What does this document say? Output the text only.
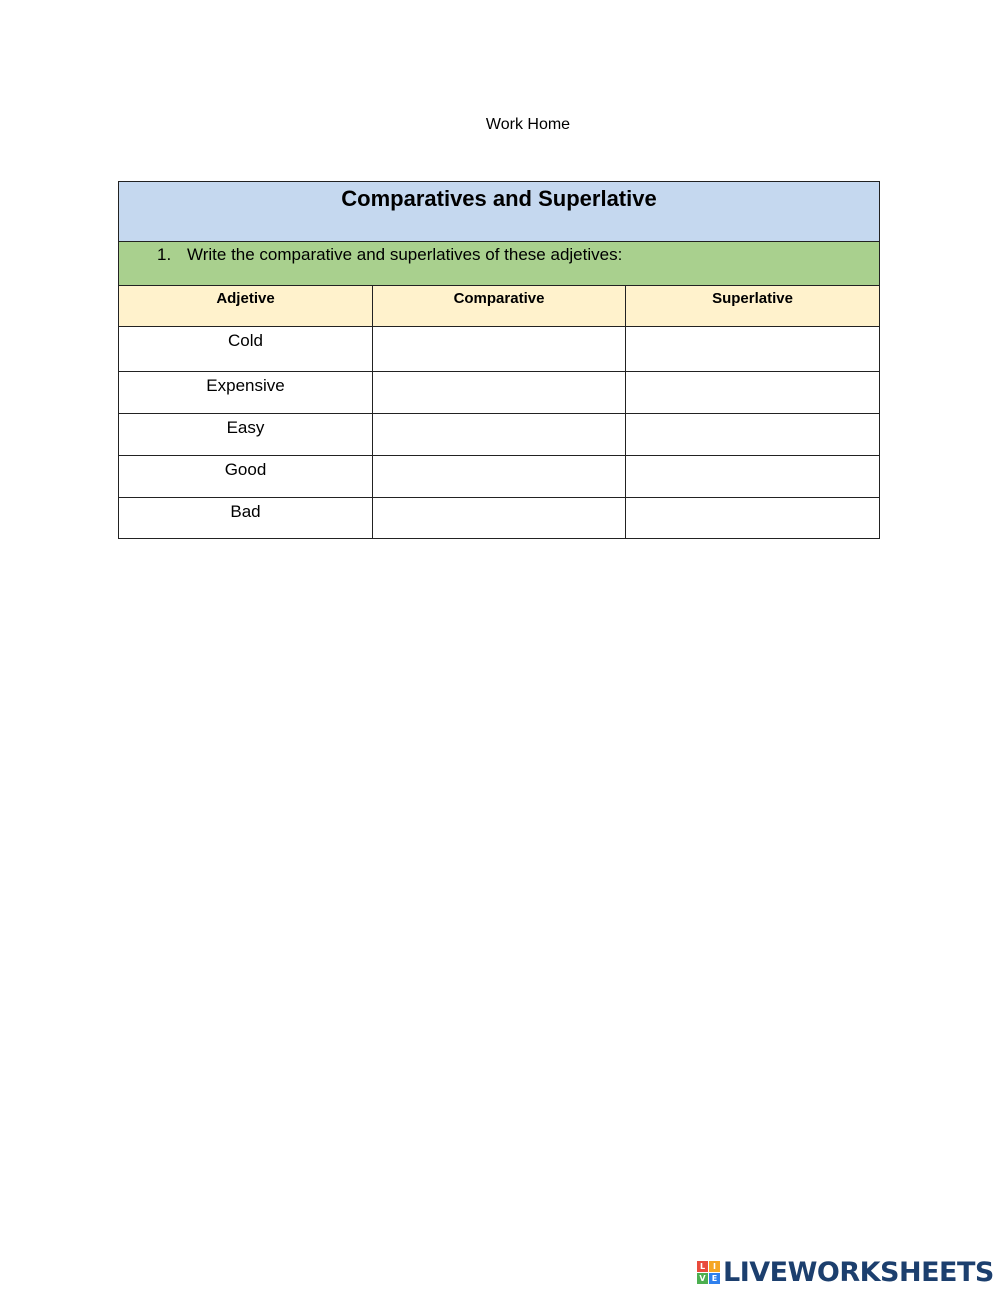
Work Home
Comparatives and Superlative		

1. Write the comparative and superlatives of these adjetives:		

Adjetive	Comparative	Superlative
Cold		
Expensive		
Easy		
Good		
Bad		
L I
V E LIVEWORKSHEETS
